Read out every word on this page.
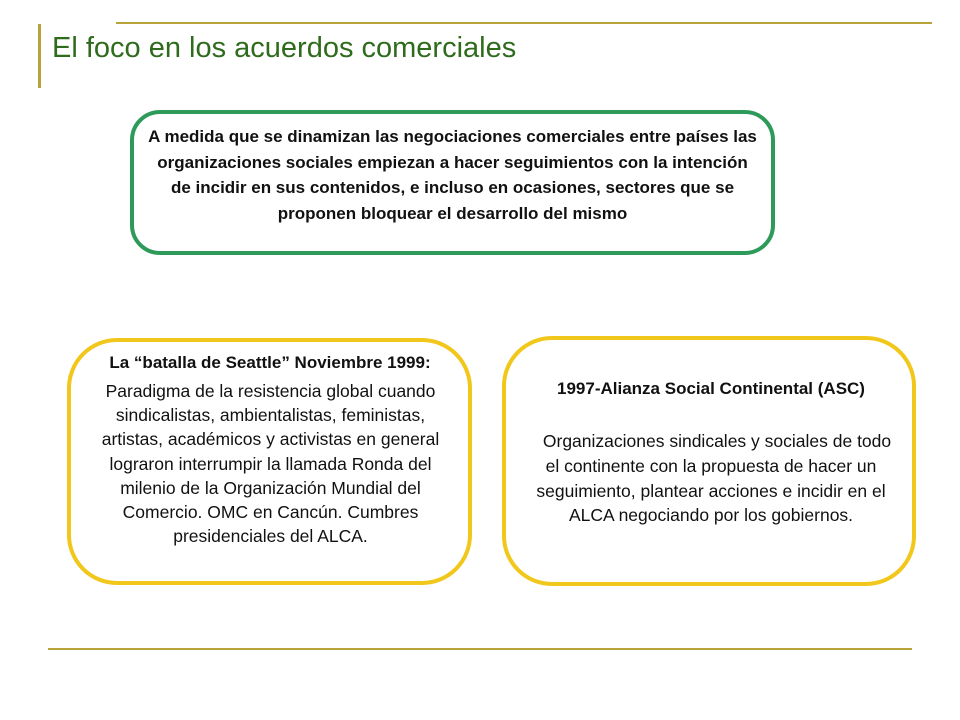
El foco en los acuerdos comerciales

A medida que se dinamizan las negociaciones comerciales entre países las organizaciones sociales empiezan a hacer seguimientos con la intención de incidir en sus contenidos, e incluso en ocasiones, sectores que se proponen bloquear el desarrollo del mismo

La “batalla de Seattle” Noviembre 1999:

Paradigma de la resistencia global cuando sindicalistas, ambientalistas, feministas, artistas, académicos y activistas en general lograron interrumpir la llamada Ronda del milenio de la Organización Mundial del Comercio. OMC en Cancún. Cumbres presidenciales del ALCA.

1997-Alianza Social Continental (ASC)

Organizaciones sindicales y sociales de todo el continente con la propuesta de hacer un seguimiento, plantear acciones e incidir en el ALCA negociando por los gobiernos.
